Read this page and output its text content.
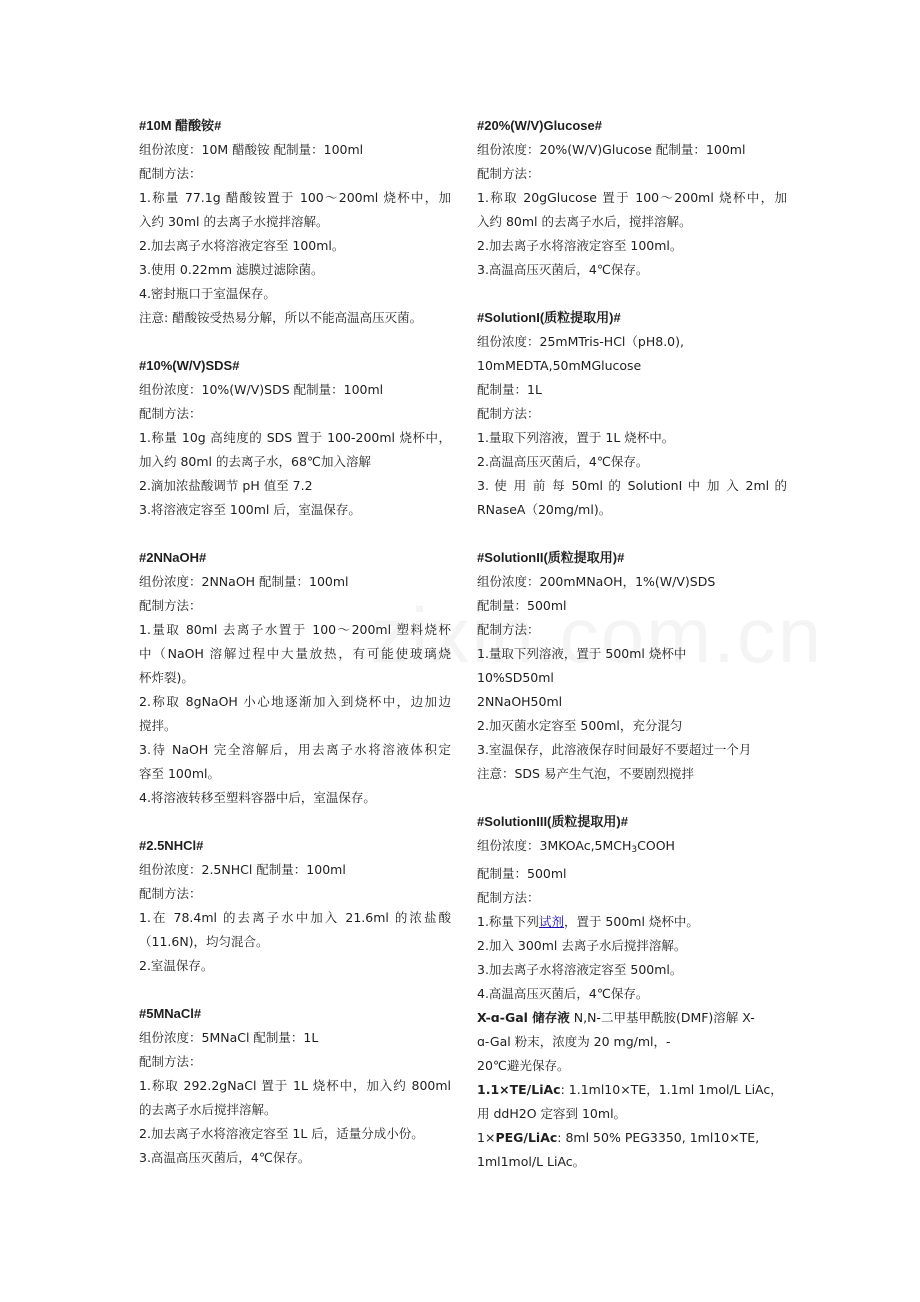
#10M 醋酸铵#
组份浓度：10M 醋酸铵 配制量：100ml
配制方法：
1.称量 77.1g 醋酸铵置于 100～200ml 烧杯中，加
入约 30ml 的去离子水搅拌溶解。
2.加去离子水将溶液定容至 100ml。
3.使用 0.22mm 滤膜过滤除菌。
4.密封瓶口于室温保存。
注意: 醋酸铵受热易分解，所以不能高温高压灭菌。
#10%(W/V)SDS#
组份浓度：10%(W/V)SDS 配制量：100ml
配制方法：
1.称量 10g 高纯度的 SDS 置于 100-200ml 烧杯中，
加入约 80ml 的去离子水，68℃加入溶解
2.滴加浓盐酸调节 pH 值至 7.2
3.将溶液定容至 100ml 后，室温保存。
#2NNaOH#
组份浓度：2NNaOH 配制量：100ml
配制方法：
1.量取 80ml 去离子水置于 100～200ml 塑料烧杯
中（NaOH 溶解过程中大量放热，有可能使玻璃烧
杯炸裂)。
2.称取 8gNaOH 小心地逐渐加入到烧杯中，边加边
搅拌。
3.待 NaOH 完全溶解后，用去离子水将溶液体积定
容至 100ml。
4.将溶液转移至塑料容器中后，室温保存。
#2.5NHCl#
组份浓度：2.5NHCl 配制量：100ml
配制方法：
1.在 78.4ml 的去离子水中加入 21.6ml 的浓盐酸
（11.6N)，均匀混合。
2.室温保存。
#5MNaCl#
组份浓度：5MNaCl 配制量：1L
配制方法：
1.称取 292.2gNaCl 置于 1L 烧杯中，加入约 800ml
的去离子水后搅拌溶解。
2.加去离子水将溶液定容至 1L 后，适量分成小份。
3.高温高压灭菌后，4℃保存。
#20%(W/V)Glucose#
组份浓度：20%(W/V)Glucose 配制量：100ml
配制方法：
1.称取 20gGlucose 置于 100～200ml 烧杯中，加
入约 80ml 的去离子水后，搅拌溶解。
2.加去离子水将溶液定容至 100ml。
3.高温高压灭菌后，4℃保存。
#SolutionI(质粒提取用)#
组份浓度：25mMTris-HCl（pH8.0),
10mMEDTA,50mMGlucose
配制量：1L
配制方法：
1.量取下列溶液，置于 1L 烧杯中。
2.高温高压灭菌后，4℃保存。
3. 使 用 前 每 50ml 的 SolutionI 中 加 入 2ml 的
RNaseA（20mg/ml)。
#SolutionII(质粒提取用)#
组份浓度：200mMNaOH，1%(W/V)SDS
配制量：500ml
配制方法：
1.量取下列溶液，置于 500ml 烧杯中
10%SD50ml
2NNaOH50ml
2.加灭菌水定容至 500ml，充分混匀
3.室温保存，此溶液保存时间最好不要超过一个月
注意：SDS 易产生气泡，不要剧烈搅拌
#SolutionIII(质粒提取用)#
组份浓度：$3MKOAc,5MCH_3COOH$
配制量：500ml
配制方法：
1.称量下列试剂，置于 500ml 烧杯中。
2.加入 300ml 去离子水后搅拌溶解。
3.加去离子水将溶液定容至 500ml。
4.高温高压灭菌后，4℃保存。
X-ɑ-Gal 储存液 N,N-二甲基甲酰胺(DMF)溶解 X-
ɑ-Gal 粉末，浓度为 20 mg/ml，-
20℃避光保存。
1.1×TE/LiAc: 1.1ml10×TE，1.1ml 1mol/L LiAc，
用 ddH2O 定容到 10ml。
1×PEG/LiAc: 8ml 50% PEG3350, 1ml10×TE,
1ml1mol/L LiAc。
